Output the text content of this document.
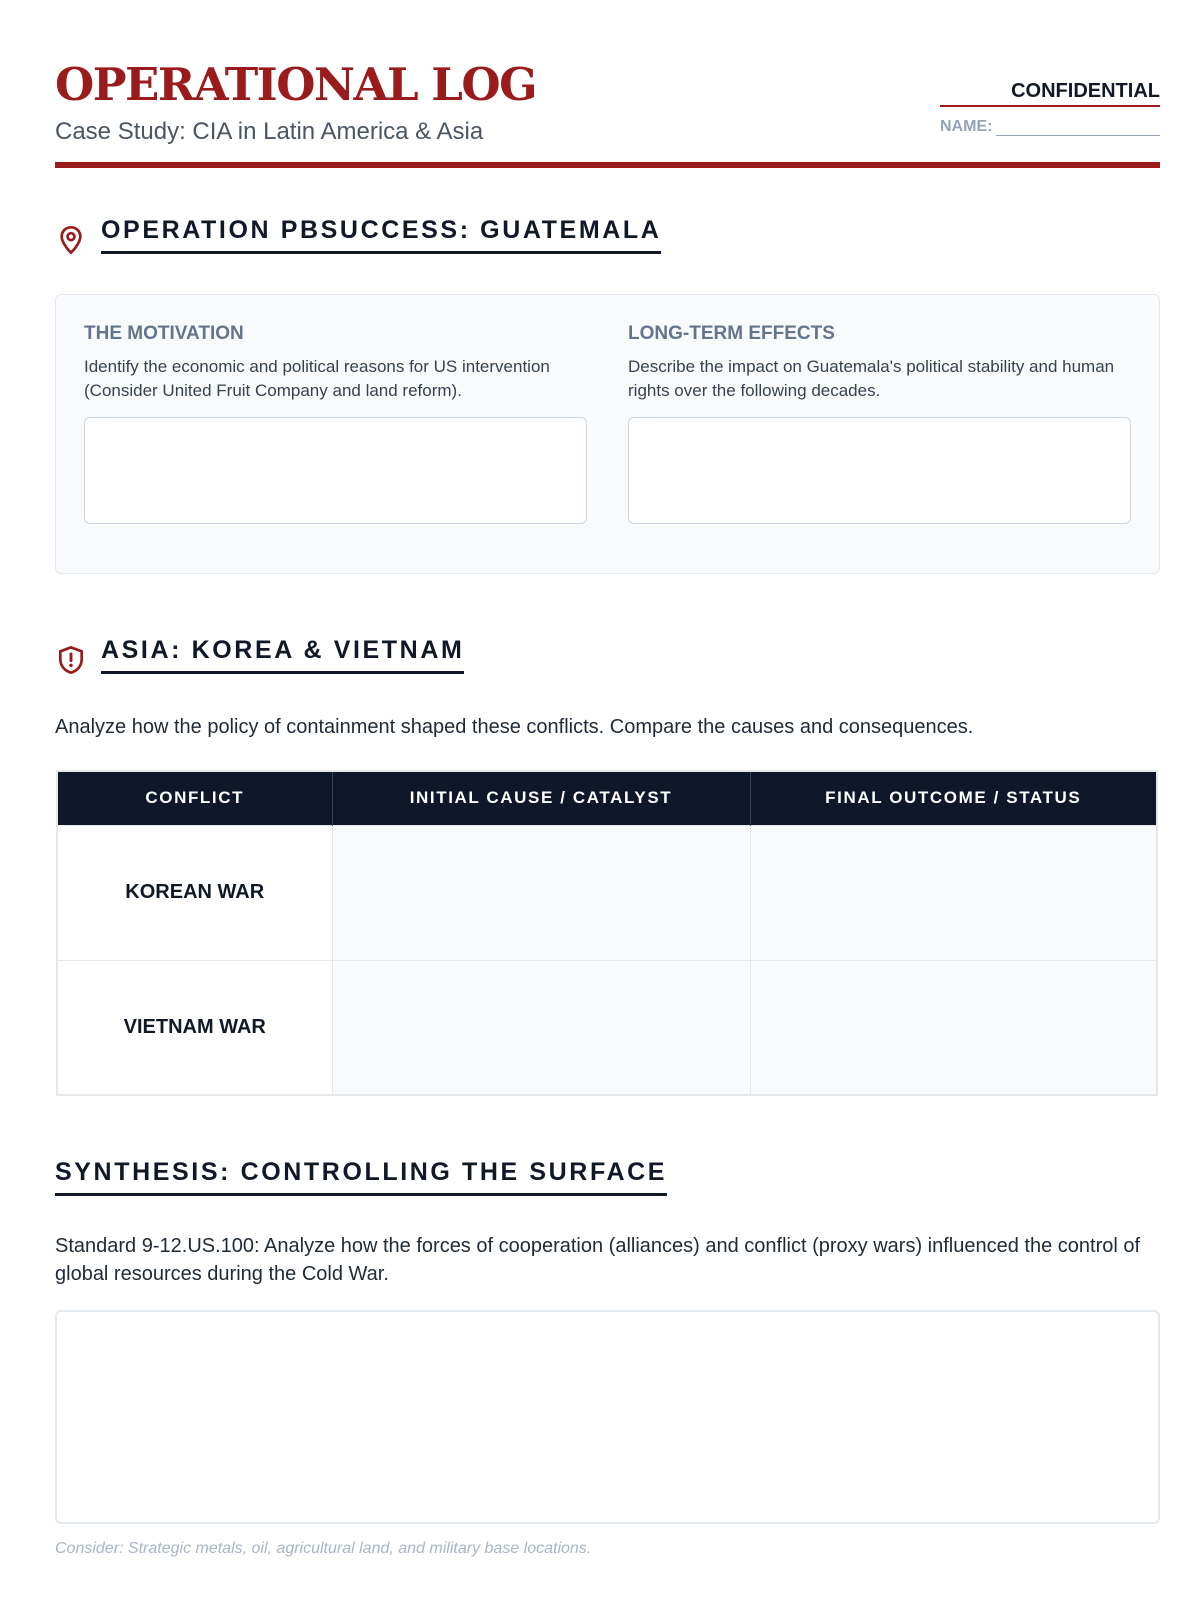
OPERATIONAL LOG
Case Study: CIA in Latin America & Asia
CONFIDENTIAL
NAME:
OPERATION PBSUCCESS: GUATEMALA
THE MOTIVATION

Identify the economic and political reasons for US intervention (Consider United Fruit Company and land reform).

LONG-TERM EFFECTS

Describe the impact on Guatemala's political stability and human rights over the following decades.

ASIA: KOREA & VIETNAM
Analyze how the policy of containment shaped these conflicts. Compare the causes and consequences.
CONFLICT	INITIAL CAUSE / CATALYST	FINAL OUTCOME / STATUS
KOREAN WAR		
VIETNAM WAR		
SYNTHESIS: CONTROLLING THE SURFACE
Standard 9-12.US.100: Analyze how the forces of cooperation (alliances) and conflict (proxy wars) influenced the control of global resources during the Cold War.
Consider: Strategic metals, oil, agricultural land, and military base locations.
